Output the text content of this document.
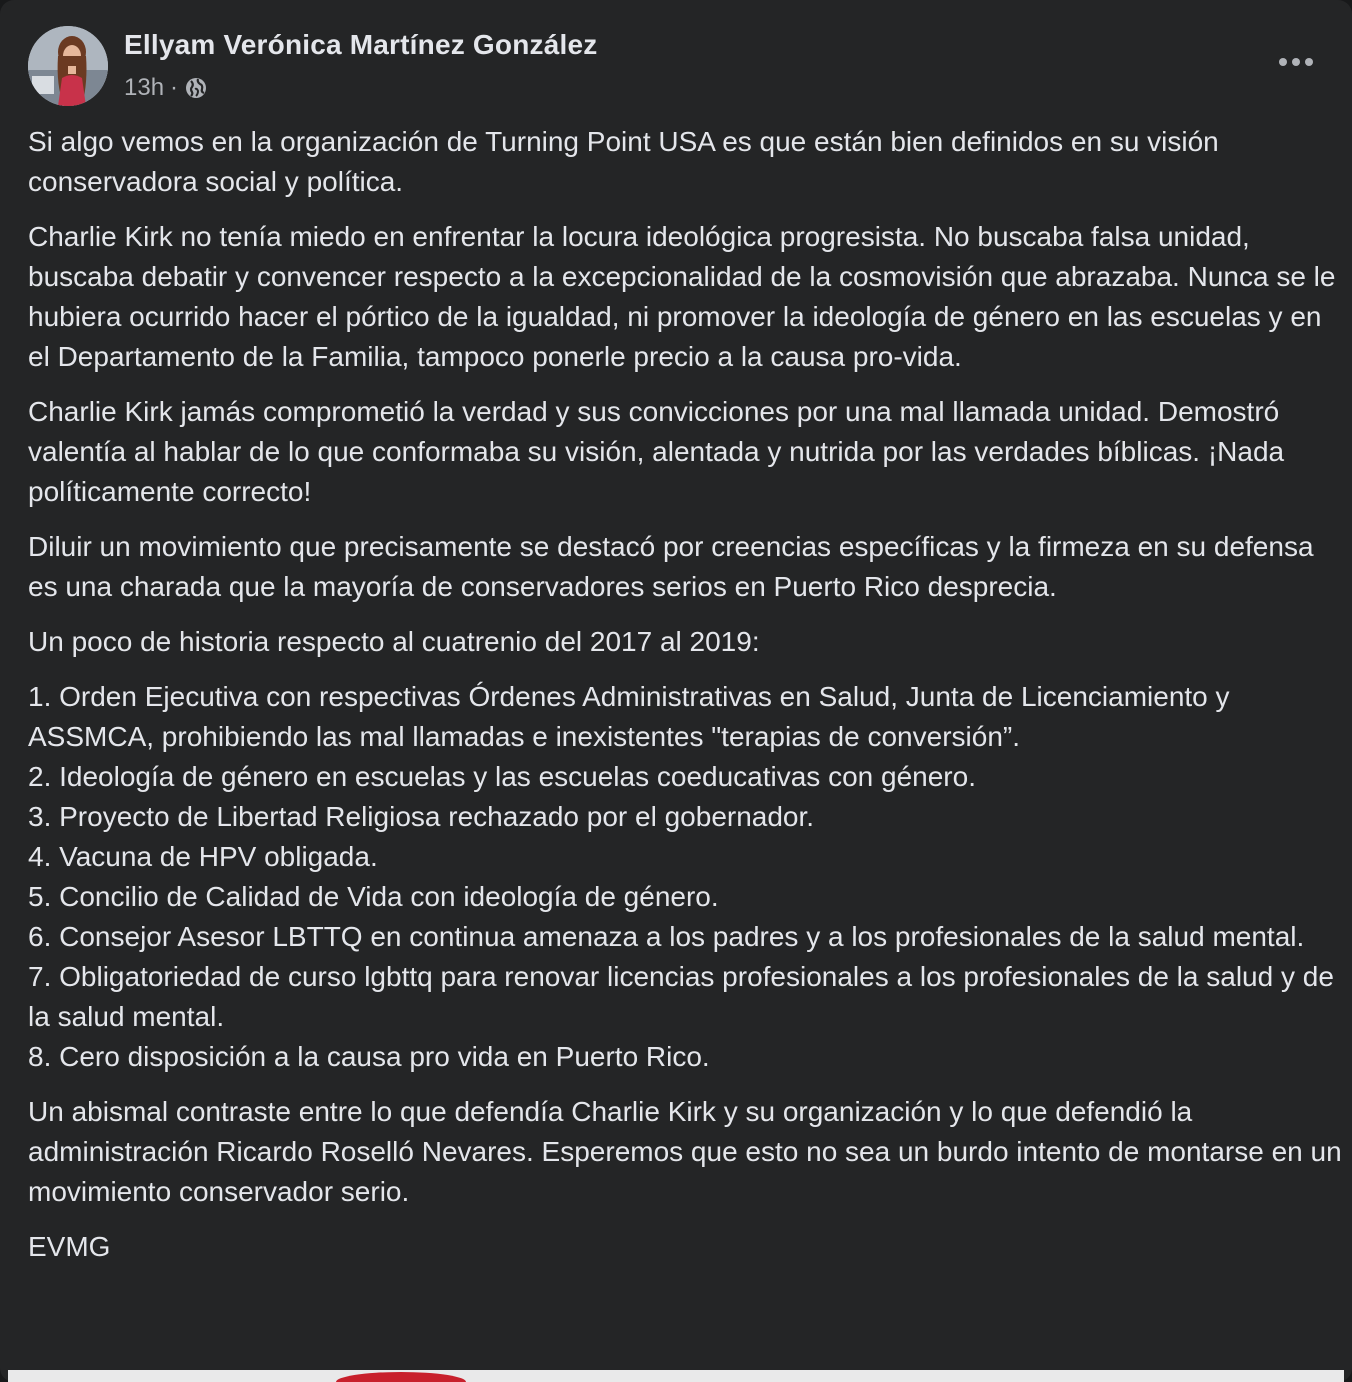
Ellyam Verónica Martínez González
13h ·

Si algo vemos en la organización de Turning Point USA es que están bien definidos en su visión conservadora social y política.

Charlie Kirk no tenía miedo en enfrentar la locura ideológica progresista. No buscaba falsa unidad, buscaba debatir y convencer respecto a la excepcionalidad de la cosmovisión que abrazaba. Nunca se le hubiera ocurrido hacer el pórtico de la igualdad, ni promover la ideología de género en las escuelas y en el Departamento de la Familia, tampoco ponerle precio a la causa pro-vida.

Charlie Kirk jamás comprometió la verdad y sus convicciones por una mal llamada unidad. Demostró valentía al hablar de lo que conformaba su visión, alentada y nutrida por las verdades bíblicas. ¡Nada políticamente correcto!

Diluir un movimiento que precisamente se destacó por creencias específicas y la firmeza en su defensa es una charada que la mayoría de conservadores serios en Puerto Rico desprecia.

Un poco de historia respecto al cuatrenio del 2017 al 2019:

1. Orden Ejecutiva con respectivas Órdenes Administrativas en Salud, Junta de Licenciamiento y ASSMCA, prohibiendo las mal llamadas e inexistentes "terapias de conversión”.
2. Ideología de género en escuelas y las escuelas coeducativas con género.
3. Proyecto de Libertad Religiosa rechazado por el gobernador.
4. Vacuna de HPV obligada.
5. Concilio de Calidad de Vida con ideología de género.
6. Consejor Asesor LBTTQ en continua amenaza a los padres y a los profesionales de la salud mental.
7. Obligatoriedad de curso lgbttq para renovar licencias profesionales a los profesionales de la salud y de la salud mental.
8. Cero disposición a la causa pro vida en Puerto Rico.

Un abismal contraste entre lo que defendía Charlie Kirk y su organización y lo que defendió la administración Ricardo Roselló Nevares. Esperemos que esto no sea un burdo intento de montarse en un movimiento conservador serio.

EVMG
